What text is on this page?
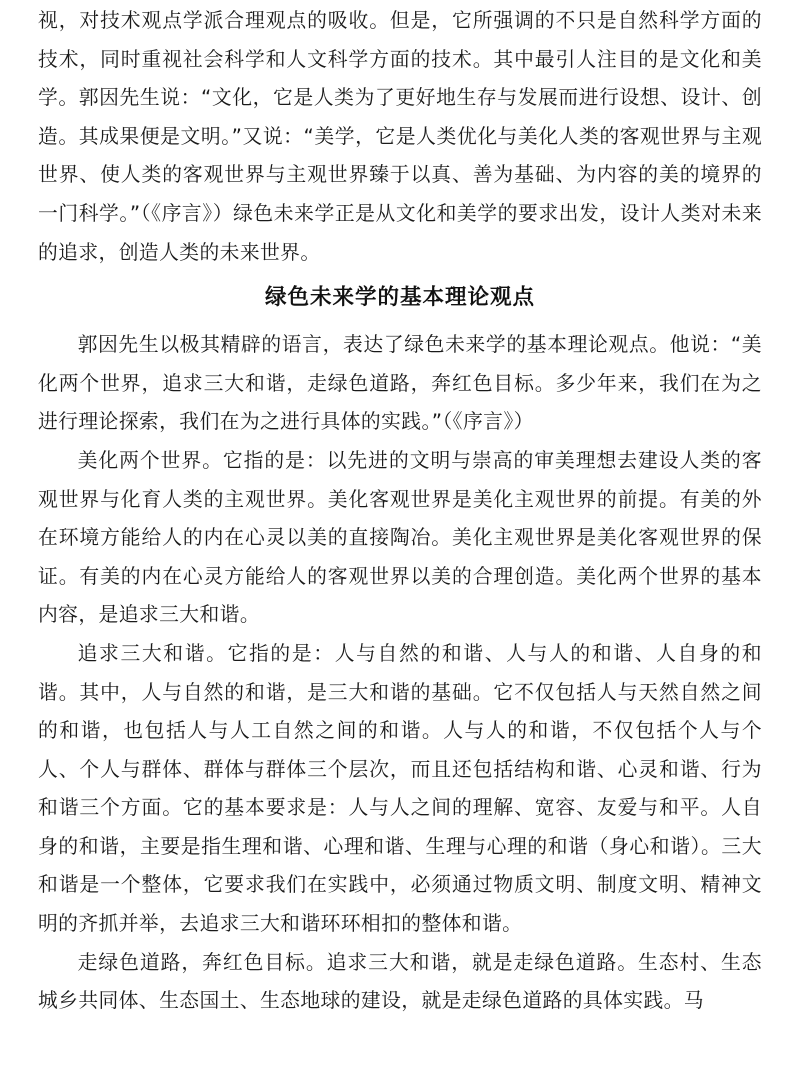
视，对技术观点学派合理观点的吸收。但是，它所强调的不只是自然科学方面的技术，同时重视社会科学和人文科学方面的技术。其中最引人注目的是文化和美学。郭因先生说：“文化，它是人类为了更好地生存与发展而进行设想、设计、创造。其成果便是文明。”又说：“美学，它是人类优化与美化人类的客观世界与主观世界、使人类的客观世界与主观世界臻于以真、善为基础、为内容的美的境界的一门科学。”（《序言》）绿色未来学正是从文化和美学的要求出发，设计人类对未来的追求，创造人类的未来世界。

绿色未来学的基本理论观点

郭因先生以极其精辟的语言，表达了绿色未来学的基本理论观点。他说：“美化两个世界，追求三大和谐，走绿色道路，奔红色目标。多少年来，我们在为之进行理论探索，我们在为之进行具体的实践。”（《序言》）

美化两个世界。它指的是：以先进的文明与崇高的审美理想去建设人类的客观世界与化育人类的主观世界。美化客观世界是美化主观世界的前提。有美的外在环境方能给人的内在心灵以美的直接陶冶。美化主观世界是美化客观世界的保证。有美的内在心灵方能给人的客观世界以美的合理创造。美化两个世界的基本内容，是追求三大和谐。

追求三大和谐。它指的是：人与自然的和谐、人与人的和谐、人自身的和谐。其中，人与自然的和谐，是三大和谐的基础。它不仅包括人与天然自然之间的和谐，也包括人与人工自然之间的和谐。人与人的和谐，不仅包括个人与个人、个人与群体、群体与群体三个层次，而且还包括结构和谐、心灵和谐、行为和谐三个方面。它的基本要求是：人与人之间的理解、宽容、友爱与和平。人自身的和谐，主要是指生理和谐、心理和谐、生理与心理的和谐（身心和谐）。三大和谐是一个整体，它要求我们在实践中，必须通过物质文明、制度文明、精神文明的齐抓并举，去追求三大和谐环环相扣的整体和谐。

走绿色道路，奔红色目标。追求三大和谐，就是走绿色道路。生态村、生态城乡共同体、生态国土、生态地球的建设，就是走绿色道路的具体实践。马
